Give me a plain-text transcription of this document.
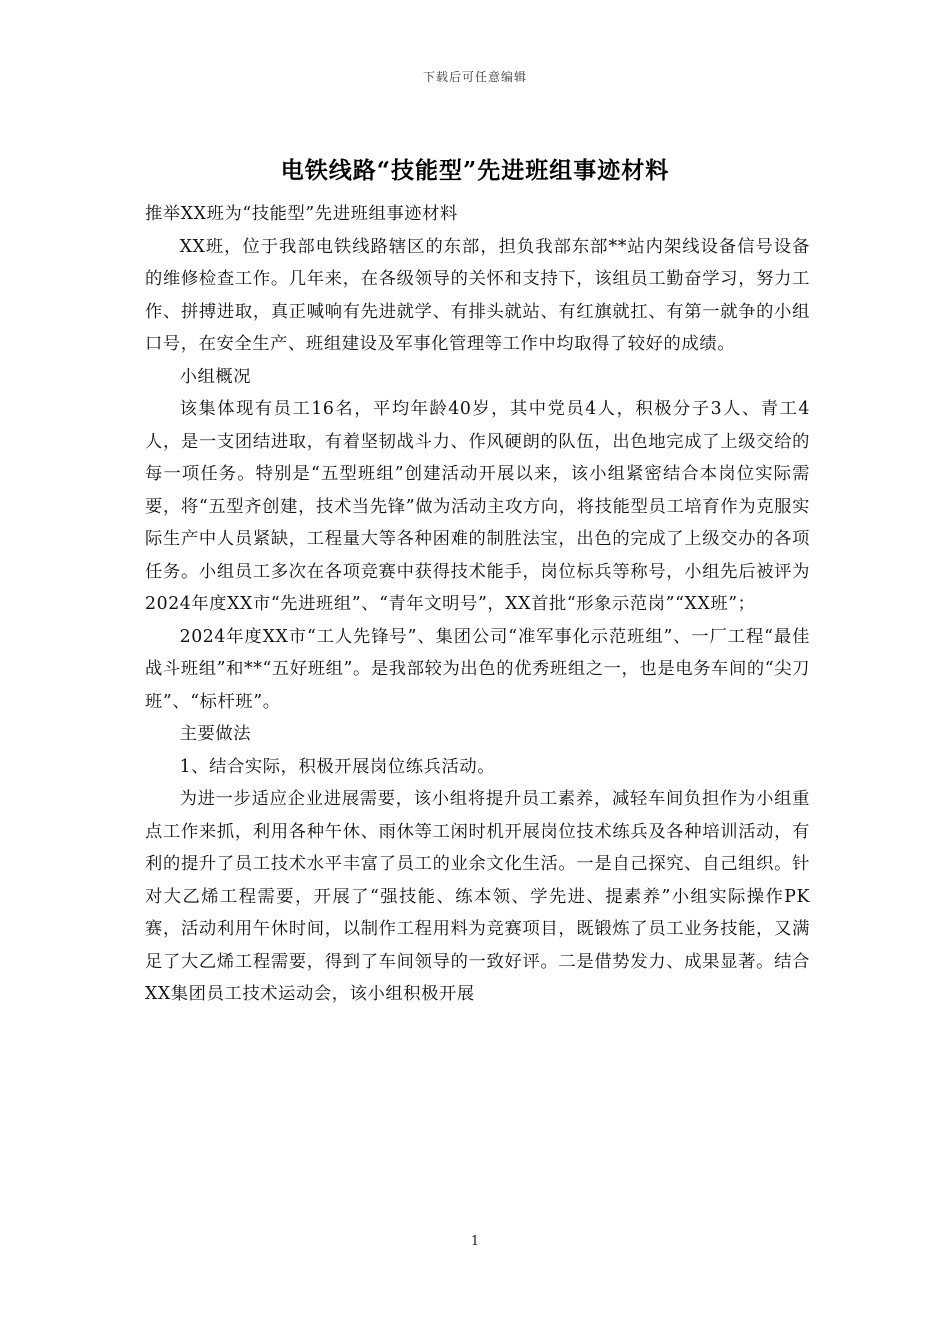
下载后可任意编辑
电铁线路“技能型”先进班组事迹材料

推举XX班为“技能型”先进班组事迹材料

XX班，位于我部电铁线路辖区的东部，担负我部东部**站内架线设备信号设备的维修检查工作。几年来，在各级领导的关怀和支持下，该组员工勤奋学习，努力工作、拼搏进取，真正喊响有先进就学、有排头就站、有红旗就扛、有第一就争的小组口号，在安全生产、班组建设及军事化管理等工作中均取得了较好的成绩。

小组概况

该集体现有员工16名，平均年龄40岁，其中党员4人，积极分子3人、青工4人，是一支团结进取，有着坚韧战斗力、作风硬朗的队伍，出色地完成了上级交给的每一项任务。特别是“五型班组”创建活动开展以来，该小组紧密结合本岗位实际需要，将“五型齐创建，技术当先锋”做为活动主攻方向，将技能型员工培育作为克服实际生产中人员紧缺，工程量大等各种困难的制胜法宝，出色的完成了上级交办的各项任务。小组员工多次在各项竞赛中获得技术能手，岗位标兵等称号，小组先后被评为2024年度XX市“先进班组”、“青年文明号”，XX首批“形象示范岗”“XX班”；

2024年度XX市“工人先锋号”、集团公司“准军事化示范班组”、一厂工程“最佳战斗班组”和**“五好班组”。是我部较为出色的优秀班组之一，也是电务车间的“尖刀班”、“标杆班”。

主要做法

1、结合实际，积极开展岗位练兵活动。

为进一步适应企业进展需要，该小组将提升员工素养，减轻车间负担作为小组重点工作来抓，利用各种午休、雨休等工闲时机开展岗位技术练兵及各种培训活动，有利的提升了员工技术水平丰富了员工的业余文化生活。一是自己探究、自己组织。针对大乙烯工程需要，开展了“强技能、练本领、学先进、提素养”小组实际操作PK赛，活动利用午休时间，以制作工程用料为竞赛项目，既锻炼了员工业务技能，又满足了大乙烯工程需要，得到了车间领导的一致好评。二是借势发力、成果显著。结合XX集团员工技术运动会，该小组积极开展

1
